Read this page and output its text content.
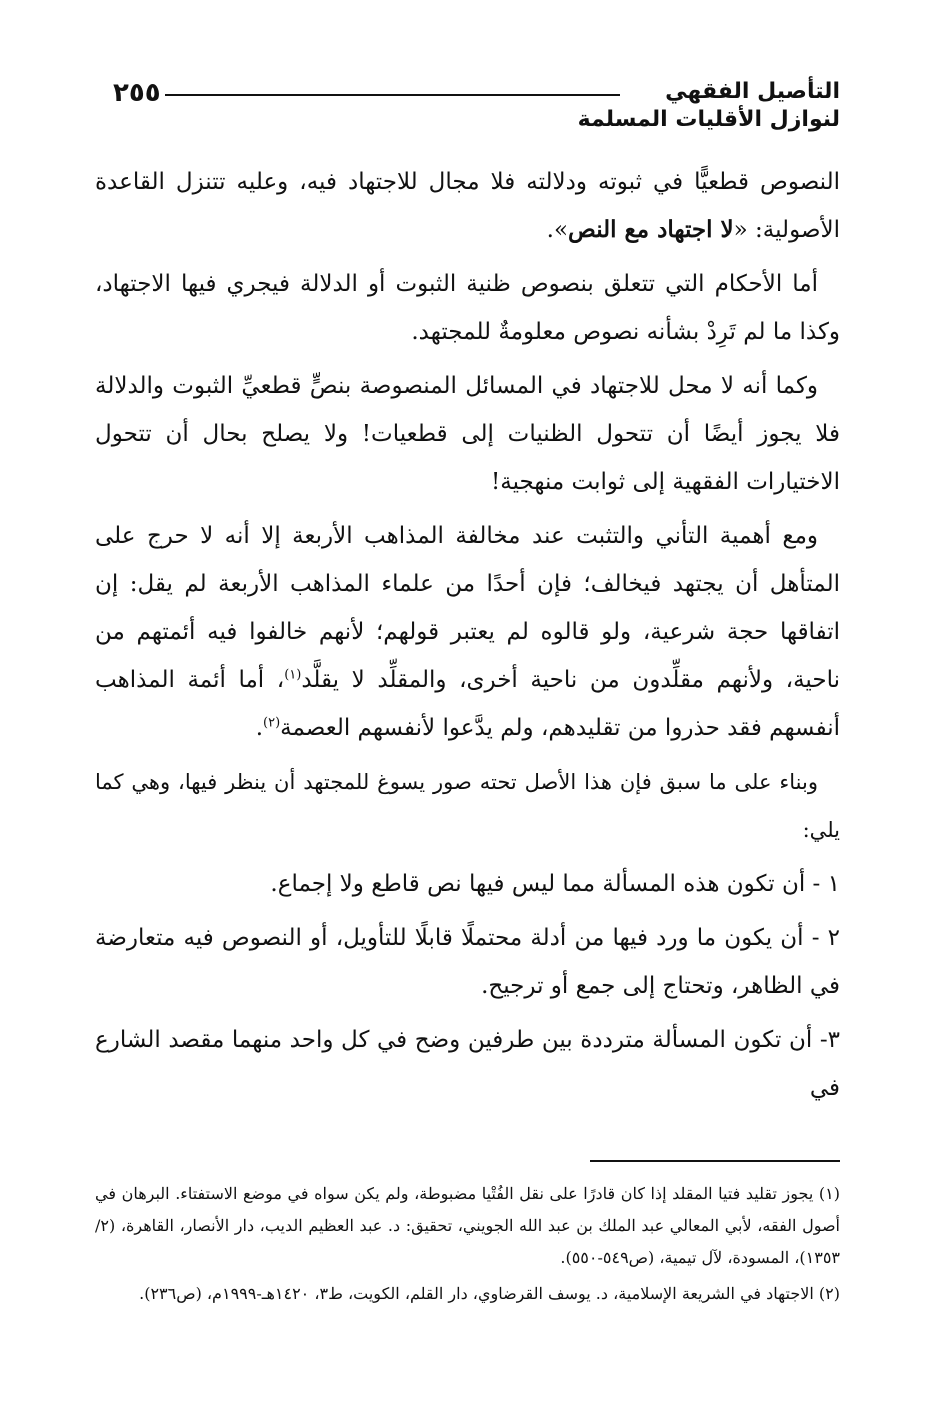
٢٥٥	التأصيل الفقهي
لنوازل الأقليات المسلمة

النصوص قطعيًّا في ثبوته ودلالته فلا مجال للاجتهاد فيه، وعليه تتنزل القاعدة الأصولية: «لا اجتهاد مع النص».

أما الأحكام التي تتعلق بنصوص ظنية الثبوت أو الدلالة فيجري فيها الاجتهاد، وكذا ما لم تَرِدْ بشأنه نصوص معلومةٌ للمجتهد.

وكما أنه لا محل للاجتهاد في المسائل المنصوصة بنصٍّ قطعيِّ الثبوت والدلالة فلا يجوز أيضًا أن تتحول الظنيات إلى قطعيات! ولا يصلح بحال أن تتحول الاختيارات الفقهية إلى ثوابت منهجية!

ومع أهمية التأني والتثبت عند مخالفة المذاهب الأربعة إلا أنه لا حرج على المتأهل أن يجتهد فيخالف؛ فإن أحدًا من علماء المذاهب الأربعة لم يقل: إن اتفاقها حجة شرعية، ولو قالوه لم يعتبر قولهم؛ لأنهم خالفوا فيه أئمتهم من ناحية، ولأنهم مقلِّدون من ناحية أخرى، والمقلِّد لا يقلَّد$^{(١)}$، أما أئمة المذاهب أنفسهم فقد حذروا من تقليدهم، ولم يدَّعوا لأنفسهم العصمة$^{(٢)}$.

وبناء على ما سبق فإن هذا الأصل تحته صور يسوغ للمجتهد أن ينظر فيها، وهي كما يلي:

١ - أن تكون هذه المسألة مما ليس فيها نص قاطع ولا إجماع.

٢ - أن يكون ما ورد فيها من أدلة محتملًا قابلًا للتأويل، أو النصوص فيه متعارضة في الظاهر، وتحتاج إلى جمع أو ترجيح.

٣- أن تكون المسألة مترددة بين طرفين وضح في كل واحد منهما مقصد الشارع في

(١) يجوز تقليد فتيا المقلد إذا كان قادرًا على نقل الفُتْيا مضبوطة، ولم يكن سواه في موضع الاستفتاء. البرهان في أصول الفقه، لأبي المعالي عبد الملك بن عبد الله الجويني، تحقيق: د. عبد العظيم الديب، دار الأنصار، القاهرة، (٢/ ١٣٥٣)، المسودة، لآل تيمية، (ص٥٤٩-٥٥٠).

(٢) الاجتهاد في الشريعة الإسلامية، د. يوسف القرضاوي، دار القلم، الكويت، ط٣، ١٤٢٠هـ-١٩٩٩م، (ص٢٣٦).
